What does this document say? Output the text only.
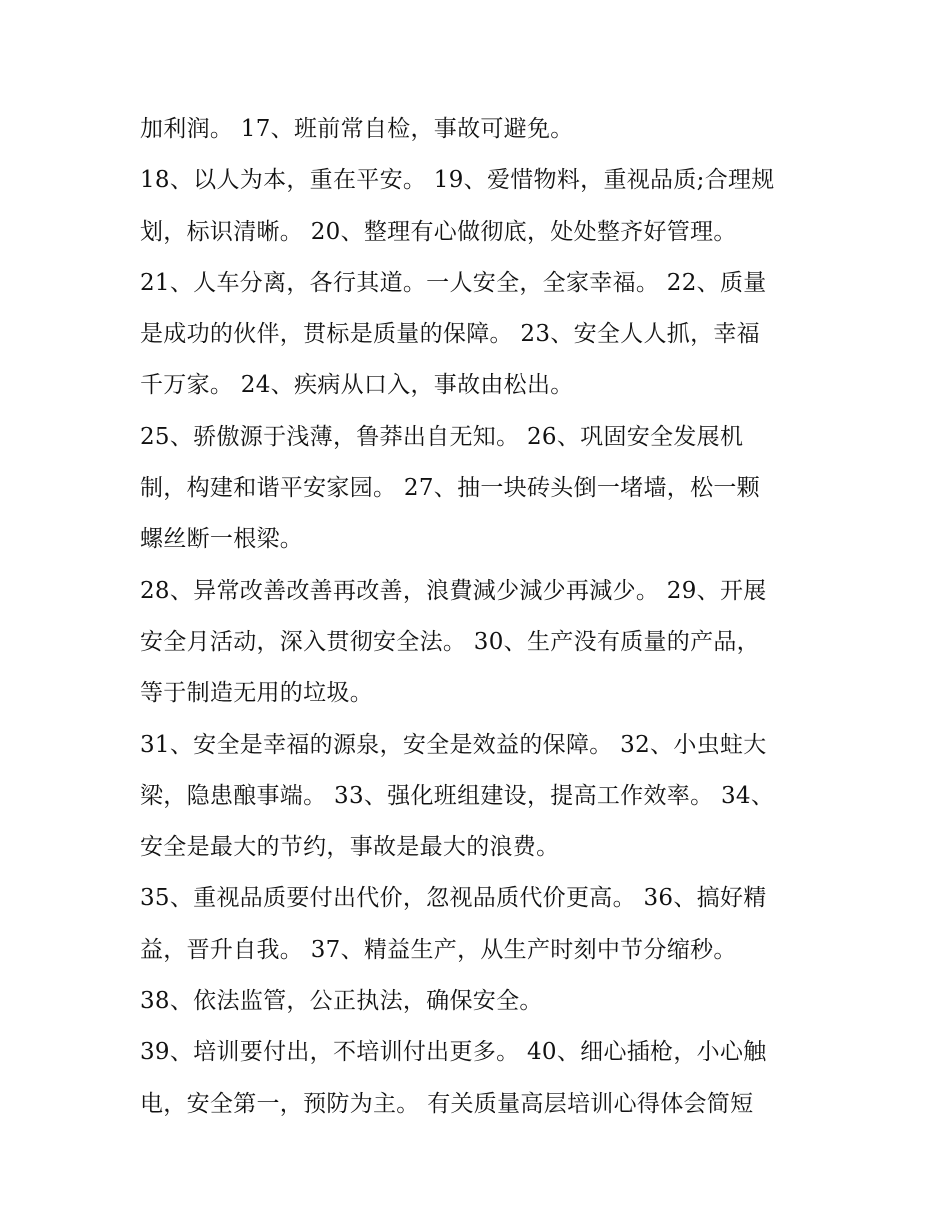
加利润。 17、班前常自检，事故可避免。
18、以人为本，重在平安。 19、爱惜物料，重视品质;合理规
划，标识清晰。 20、整理有心做彻底，处处整齐好管理。
21、人车分离，各行其道。一人安全，全家幸福。 22、质量
是成功的伙伴，贯标是质量的保障。 23、安全人人抓，幸福
千万家。 24、疾病从口入，事故由松出。
25、骄傲源于浅薄，鲁莽出自无知。 26、巩固安全发展机
制，构建和谐平安家园。 27、抽一块砖头倒一堵墙，松一颗
螺丝断一根梁。
28、异常改善改善再改善，浪費減少減少再減少。 29、开展
安全月活动，深入贯彻安全法。 30、生产没有质量的产品，
等于制造无用的垃圾。
31、安全是幸福的源泉，安全是效益的保障。 32、小虫蛀大
梁，隐患酿事端。 33、强化班组建设，提高工作效率。 34、
安全是最大的节约，事故是最大的浪费。
35、重视品质要付出代价，忽视品质代价更高。 36、搞好精
益，晋升自我。 37、精益生产，从生产时刻中节分缩秒。
38、依法监管，公正执法，确保安全。
39、培训要付出，不培训付出更多。 40、细心插枪，小心触
电，安全第一，预防为主。 有关质量高层培训心得体会简短
